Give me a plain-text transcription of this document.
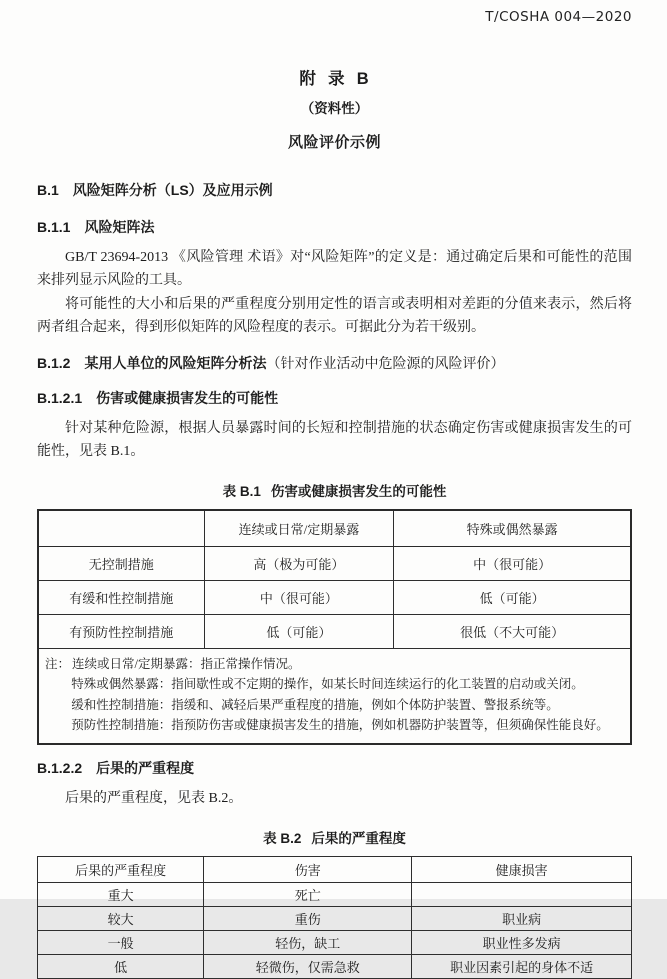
T/COSHA 004—2020
附  录  B
（资料性）
风险评价示例
B.1 风险矩阵分析（LS）及应用示例
B.1.1 风险矩阵法

GB/T 23694-2013 《风险管理 术语》对“风险矩阵”的定义是：通过确定后果和可能性的范围来排列显示风险的工具。

将可能性的大小和后果的严重程度分别用定性的语言或表明相对差距的分值来表示，然后将两者组合起来，得到形似矩阵的风险程度的表示。可据此分为若干级别。

B.1.2 某用人单位的风险矩阵分析法（针对作业活动中危险源的风险评价）
B.1.2.1 伤害或健康损害发生的可能性

针对某种危险源，根据人员暴露时间的长短和控制措施的状态确定伤害或健康损害发生的可能性，见表 B.1。

表 B.1 伤害或健康损害发生的可能性
	连续或日常/定期暴露	特殊或偶然暴露
无控制措施	高（极为可能）	中（很可能）
有缓和性控制措施	中（很可能）	低（可能）
有预防性控制措施	低（可能）	很低（不大可能）

注： 连续或日常/定期暴露：指正常操作情况。
特殊或偶然暴露：指间歇性或不定期的操作，如某长时间连续运行的化工装置的启动或关闭。
缓和性控制措施：指缓和、减轻后果严重程度的措施，例如个体防护装置、警报系统等。
预防性控制措施：指预防伤害或健康损害发生的措施，例如机器防护装置等，但须确保性能良好。		
B.1.2.2 后果的严重程度

后果的严重程度，见表 B.2。

表 B.2 后果的严重程度
后果的严重程度	伤害	健康损害
重大	死亡	
较大	重伤	职业病
一般	轻伤，缺工	职业性多发病
低	轻微伤，仅需急救	职业因素引起的身体不适
